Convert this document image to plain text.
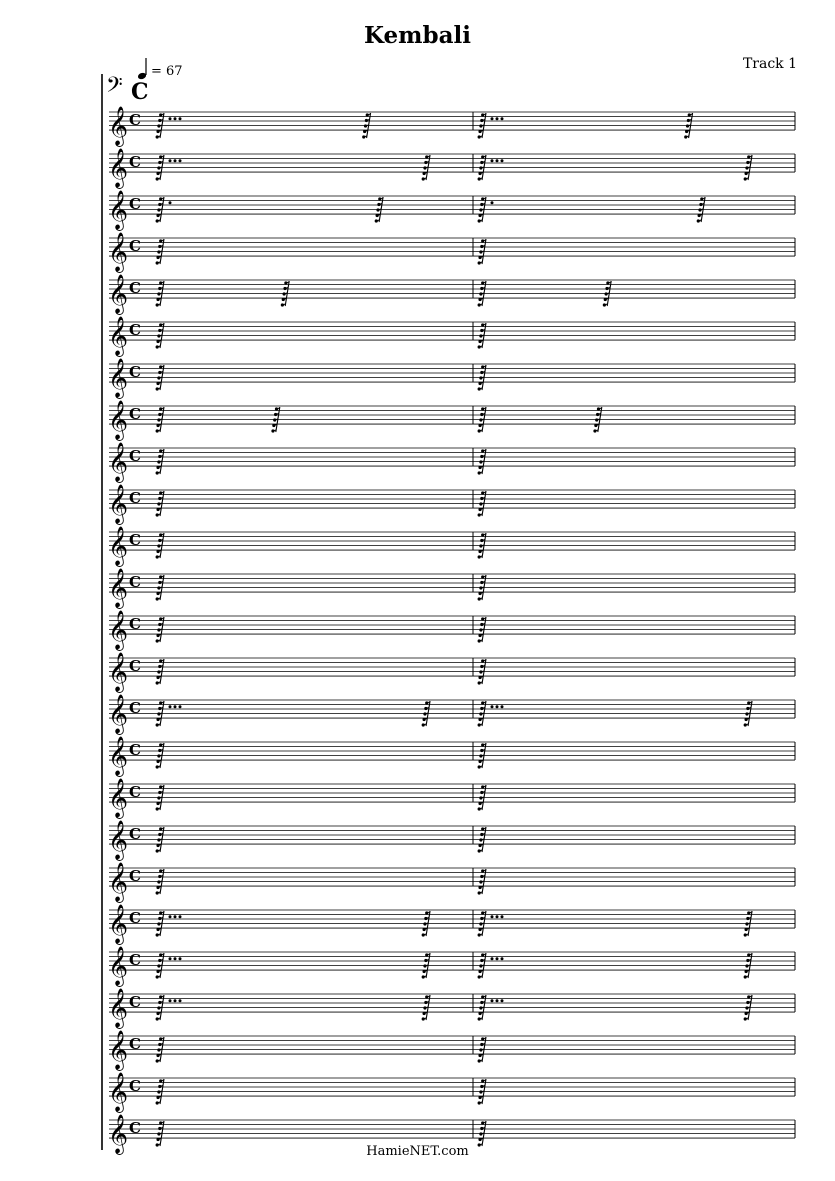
Kembali
Track 1
= 67
𝄞 C
𝄞 C
𝄞 C
𝄞 C
𝄞 C
𝄞 C
𝄞 C
𝄞 C
𝄞 C
𝄞 C
𝄞 C
𝄞 C
𝄞 C
𝄞 C
𝄞 C
𝄞 C
𝄞 C
𝄞 C
𝄞 C
𝄞 C
𝄞 C
𝄞 C
𝄞 C
𝄞 C
𝄞 C
𝄢 C
HamieNET.com
